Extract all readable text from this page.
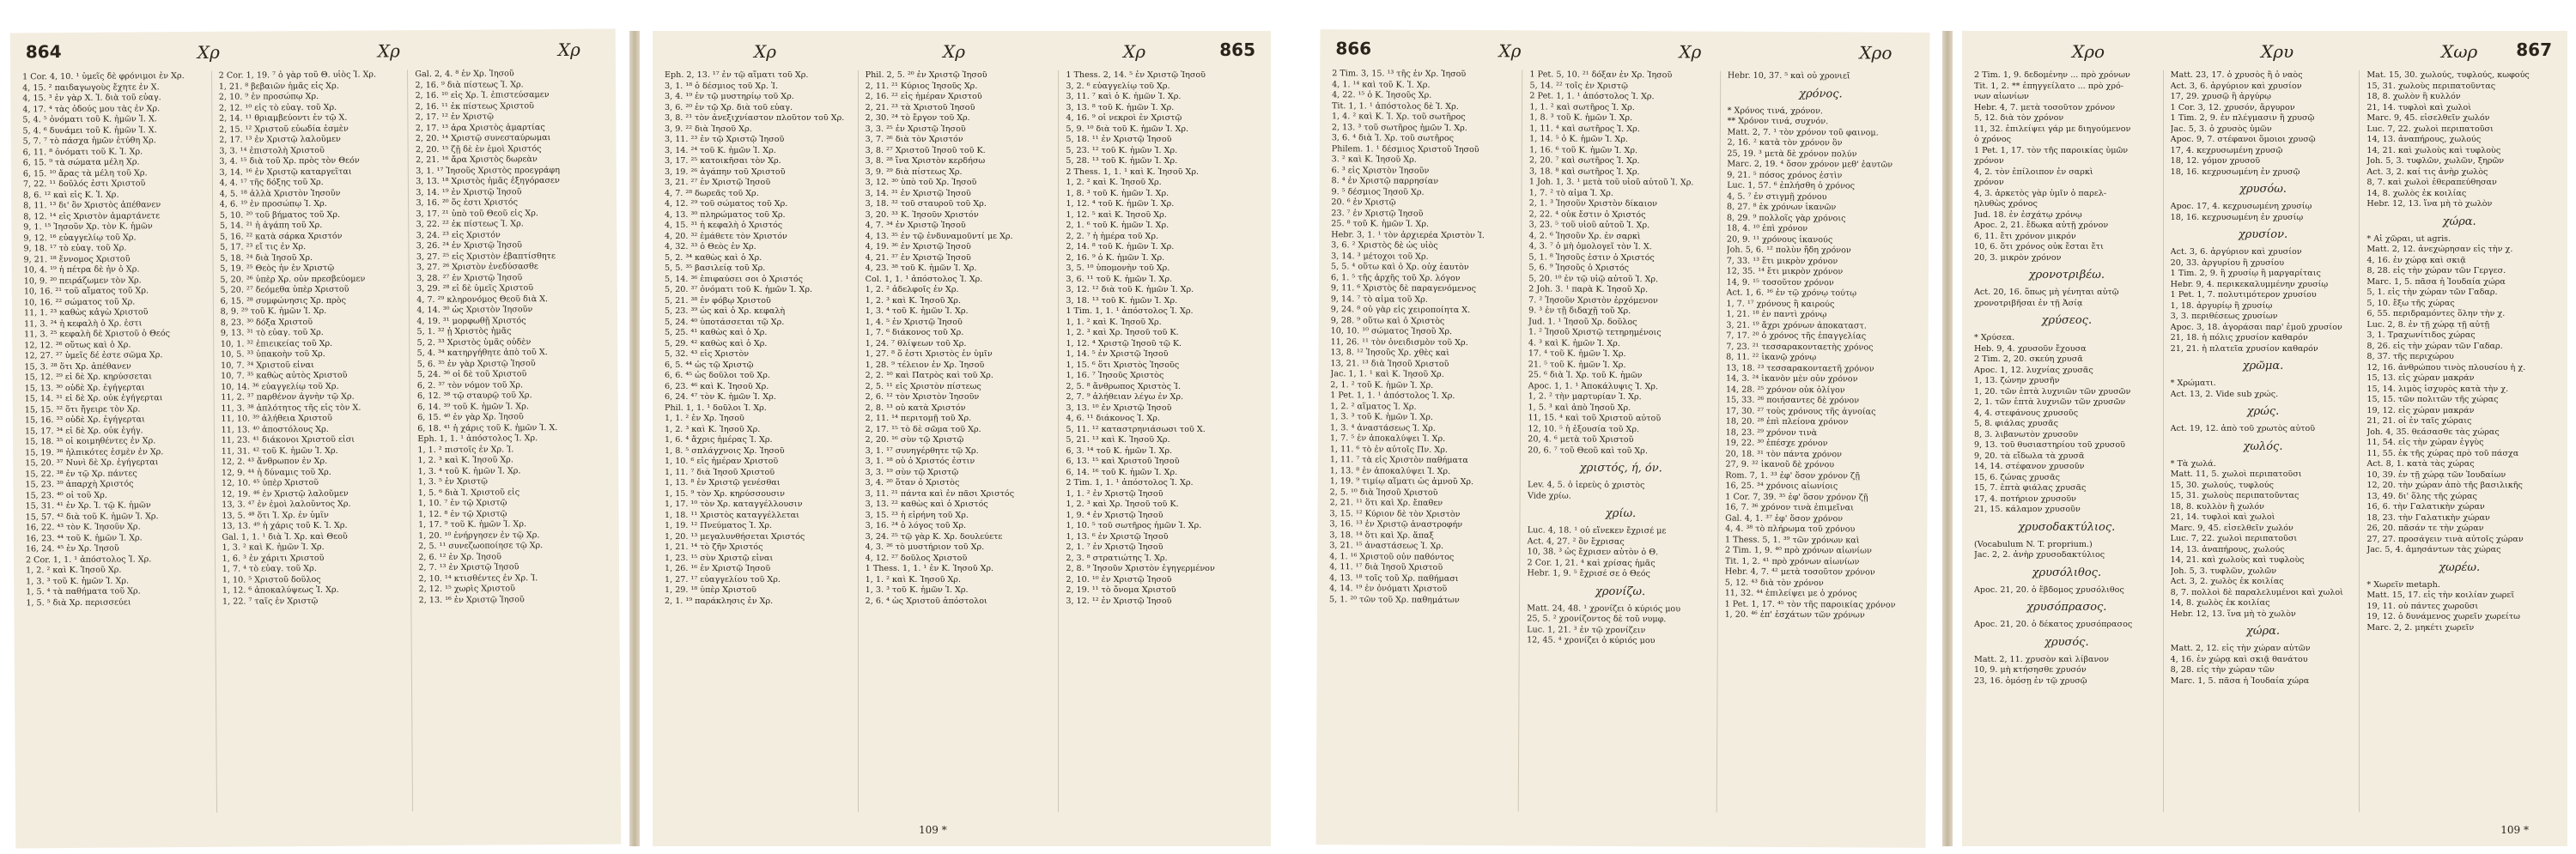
864	Χρ	Χρ	Χρ
1 Cor. 4, 10. ¹ ὑμεῖς δὲ φρόνιμοι ἐν Χρ.
4, 15. ² παιδαγωγοὺς ἔχητε ἐν Χ.
4, 15. ³ ἐν γὰρ Χ. Ἰ. διὰ τοῦ εὐαγ.
4, 17. ⁴ τὰς ὁδούς μου τὰς ἐν Χρ.
5, 4. ⁵ ὀνόματι τοῦ Κ. ἡμῶν Ἰ. Χ.
5, 4. ⁶ δυνάμει τοῦ Κ. ἡμῶν Ἰ. Χ.
5, 7. ⁷ τὸ πάσχα ἡμῶν ἐτύθη Χρ.
6, 11. ⁸ ὀνόματι τοῦ Κ. Ἰ. Χρ.
6, 15. ⁹ τὰ σώματα μέλη Χρ.
6, 15. ¹⁰ ἄρας τὰ μέλη τοῦ Χρ.
7, 22. ¹¹ δοῦλός ἐστι Χριστοῦ
8, 6. ¹² καὶ εἷς Κ. Ἰ. Χρ.
8, 11. ¹³ δι' ὃν Χριστὸς ἀπέθανεν
8, 12. ¹⁴ εἰς Χριστὸν ἁμαρτάνετε
9, 1. ¹⁵ Ἰησοῦν Χρ. τὸν Κ. ἡμῶν
9, 12. ¹⁶ εὐαγγελίῳ τοῦ Χρ.
9, 18. ¹⁷ τὸ εὐαγ. τοῦ Χρ.
9, 21. ¹⁸ ἔννομος Χριστοῦ
10, 4. ¹⁹ ἡ πέτρα δὲ ἦν ὁ Χρ.
10, 9. ²⁰ πειράζωμεν τὸν Χρ.
10, 16. ²¹ τοῦ αἵματος τοῦ Χρ.
10, 16. ²² σώματος τοῦ Χρ.
11, 1. ²³ καθὼς κἀγὼ Χριστοῦ
11, 3. ²⁴ ἡ κεφαλὴ ὁ Χρ. ἐστι
11, 3. ²⁵ κεφαλὴ δὲ Χριστοῦ ὁ Θεός
12, 12. ²⁶ οὕτως καὶ ὁ Χρ.
12, 27. ²⁷ ὑμεῖς δέ ἐστε σῶμα Χρ.
15, 3. ²⁸ ὅτι Χρ. ἀπέθανεν
15, 12. ²⁹ εἰ δὲ Χρ. κηρύσσεται
15, 13. ³⁰ οὐδὲ Χρ. ἐγήγερται
15, 14. ³¹ εἰ δὲ Χρ. οὐκ ἐγήγερται
15, 15. ³² ὅτι ἤγειρε τὸν Χρ.
15, 16. ³³ οὐδὲ Χρ. ἐγήγερται
15, 17. ³⁴ εἰ δὲ Χρ. οὐκ ἐγήγ.
15, 18. ³⁵ οἱ κοιμηθέντες ἐν Χρ.
15, 19. ³⁶ ἠλπικότες ἐσμὲν ἐν Χρ.
15, 20. ³⁷ Νυνὶ δὲ Χρ. ἐγήγερται
15, 22. ³⁸ ἐν τῷ Χρ. πάντες
15, 23. ³⁹ ἀπαρχὴ Χριστός
15, 23. ⁴⁰ οἱ τοῦ Χρ.
15, 31. ⁴¹ ἐν Χρ. Ἰ. τῷ Κ. ἡμῶν
15, 57. ⁴² διὰ τοῦ Κ. ἡμῶν Ἰ. Χρ.
16, 22. ⁴³ τὸν Κ. Ἰησοῦν Χρ.
16, 23. ⁴⁴ τοῦ Κ. ἡμῶν Ἰ. Χρ.
16, 24. ⁴⁵ ἐν Χρ. Ἰησοῦ
2 Cor. 1, 1. ¹ ἀπόστολος Ἰ. Χρ.
1, 2. ² καὶ Κ. Ἰησοῦ Χρ.
1, 3. ³ τοῦ Κ. ἡμῶν Ἰ. Χρ.
1, 5. ⁴ τὰ παθήματα τοῦ Χρ.
1, 5. ⁵ διὰ Χρ. περισσεύει
2 Cor. 1, 19. ⁷ ὁ γὰρ τοῦ Θ. υἱὸς Ἰ. Χρ.
1, 21. ⁸ βεβαιῶν ἡμᾶς εἰς Χρ.
2, 10. ⁹ ἐν προσώπῳ Χρ.
2, 12. ¹⁰ εἰς τὸ εὐαγ. τοῦ Χρ.
2, 14. ¹¹ θριαμβεύοντι ἐν τῷ Χ.
2, 15. ¹² Χριστοῦ εὐωδία ἐσμὲν
2, 17. ¹³ ἐν Χριστῷ λαλοῦμεν
3, 3. ¹⁴ ἐπιστολὴ Χριστοῦ
3, 4. ¹⁵ διὰ τοῦ Χρ. πρὸς τὸν Θεόν
3, 14. ¹⁶ ἐν Χριστῷ καταργεῖται
4, 4. ¹⁷ τῆς δόξης τοῦ Χρ.
4, 5. ¹⁸ ἀλλὰ Χριστὸν Ἰησοῦν
4, 6. ¹⁹ ἐν προσώπῳ Ἰ. Χρ.
5, 10. ²⁰ τοῦ βήματος τοῦ Χρ.
5, 14. ²¹ ἡ ἀγάπη τοῦ Χρ.
5, 16. ²² κατὰ σάρκα Χριστόν
5, 17. ²³ εἴ τις ἐν Χρ.
5, 18. ²⁴ διὰ Ἰησοῦ Χρ.
5, 19. ²⁵ Θεὸς ἦν ἐν Χριστῷ
5, 20. ²⁶ ὑπὲρ Χρ. οὖν πρεσβεύομεν
5, 20. ²⁷ δεόμεθα ὑπὲρ Χριστοῦ
6, 15. ²⁸ συμφώνησις Χρ. πρὸς
8, 9. ²⁹ τοῦ Κ. ἡμῶν Ἰ. Χρ.
8, 23. ³⁰ δόξα Χριστοῦ
9, 13. ³¹ τὸ εὐαγ. τοῦ Χρ.
10, 1. ³² ἐπιεικείας τοῦ Χρ.
10, 5. ³³ ὑπακοὴν τοῦ Χρ.
10, 7. ³⁴ Χριστοῦ εἶναι
10, 7. ³⁵ καθὼς αὐτὸς Χριστοῦ
10, 14. ³⁶ εὐαγγελίῳ τοῦ Χρ.
11, 2. ³⁷ παρθένον ἁγνὴν τῷ Χρ.
11, 3. ³⁸ ἁπλότητος τῆς εἰς τὸν Χ.
11, 10. ³⁹ ἀλήθεια Χριστοῦ
11, 13. ⁴⁰ ἀποστόλους Χρ.
11, 23. ⁴¹ διάκονοι Χριστοῦ εἰσι
11, 31. ⁴² τοῦ Κ. ἡμῶν Ἰ. Χρ.
12, 2. ⁴³ ἄνθρωπον ἐν Χρ.
12, 9. ⁴⁴ ἡ δύναμις τοῦ Χρ.
12, 10. ⁴⁵ ὑπὲρ Χριστοῦ
12, 19. ⁴⁶ ἐν Χριστῷ λαλοῦμεν
13, 3. ⁴⁷ ἐν ἐμοὶ λαλοῦντος Χρ.
13, 5. ⁴⁸ ὅτι Ἰ. Χρ. ἐν ὑμῖν
13, 13. ⁴⁹ ἡ χάρις τοῦ Κ. Ἰ. Χρ.
Gal. 1, 1. ¹ διὰ Ἰ. Χρ. καὶ Θεοῦ
1, 3. ² καὶ Κ. ἡμῶν Ἰ. Χρ.
1, 6. ³ ἐν χάριτι Χριστοῦ
1, 7. ⁴ τὸ εὐαγ. τοῦ Χρ.
1, 10. ⁵ Χριστοῦ δοῦλος
1, 12. ⁶ ἀποκαλύψεως Ἰ. Χρ.
1, 22. ⁷ ταῖς ἐν Χριστῷ
Gal. 2, 4. ⁸ ἐν Χρ. Ἰησοῦ
2, 16. ⁹ διὰ πίστεως Ἰ. Χρ.
2, 16. ¹⁰ εἰς Χρ. Ἰ. ἐπιστεύσαμεν
2, 16. ¹¹ ἐκ πίστεως Χριστοῦ
2, 17. ¹² ἐν Χριστῷ
2, 17. ¹³ ἆρα Χριστὸς ἁμαρτίας
2, 20. ¹⁴ Χριστῷ συνεσταύρωμαι
2, 20. ¹⁵ ζῇ δὲ ἐν ἐμοὶ Χριστός
2, 21. ¹⁶ ἄρα Χριστὸς δωρεὰν
3, 1. ¹⁷ Ἰησοῦς Χριστὸς προεγράφη
3, 13. ¹⁸ Χριστὸς ἡμᾶς ἐξηγόρασεν
3, 14. ¹⁹ ἐν Χριστῷ Ἰησοῦ
3, 16. ²⁰ ὅς ἐστι Χριστός
3, 17. ²¹ ὑπὸ τοῦ Θεοῦ εἰς Χρ.
3, 22. ²² ἐκ πίστεως Ἰ. Χρ.
3, 24. ²³ εἰς Χριστόν
3, 26. ²⁴ ἐν Χριστῷ Ἰησοῦ
3, 27. ²⁵ εἰς Χριστὸν ἐβαπτίσθητε
3, 27. ²⁶ Χριστὸν ἐνεδύσασθε
3, 28. ²⁷ ἐν Χριστῷ Ἰησοῦ
3, 29. ²⁸ εἰ δὲ ὑμεῖς Χριστοῦ
4, 7. ²⁹ κληρονόμος Θεοῦ διὰ Χ.
4, 14. ³⁰ ὡς Χριστὸν Ἰησοῦν
4, 19. ³¹ μορφωθῇ Χριστός
5, 1. ³² ᾗ Χριστὸς ἡμᾶς
5, 2. ³³ Χριστὸς ὑμᾶς οὐδὲν
5, 4. ³⁴ κατηργήθητε ἀπὸ τοῦ Χ.
5, 6. ³⁵ ἐν γὰρ Χριστῷ Ἰησοῦ
5, 24. ³⁶ οἱ δὲ τοῦ Χριστοῦ
6, 2. ³⁷ τὸν νόμον τοῦ Χρ.
6, 12. ³⁸ τῷ σταυρῷ τοῦ Χρ.
6, 14. ³⁹ τοῦ Κ. ἡμῶν Ἰ. Χρ.
6, 15. ⁴⁰ ἐν γὰρ Χρ. Ἰησοῦ
6, 18. ⁴¹ ἡ χάρις τοῦ Κ. ἡμῶν Ἰ. Χ.
Eph. 1, 1. ¹ ἀπόστολος Ἰ. Χρ.
1, 1. ² πιστοῖς ἐν Χρ. Ἰ.
1, 2. ³ καὶ Κ. Ἰησοῦ Χρ.
1, 3. ⁴ τοῦ Κ. ἡμῶν Ἰ. Χρ.
1, 3. ⁵ ἐν Χριστῷ
1, 5. ⁶ διὰ Ἰ. Χριστοῦ εἰς
1, 10. ⁷ ἐν τῷ Χριστῷ
1, 12. ⁸ ἐν τῷ Χριστῷ
1, 17. ⁹ τοῦ Κ. ἡμῶν Ἰ. Χρ.
1, 20. ¹⁰ ἐνήργησεν ἐν τῷ Χρ.
2, 5. ¹¹ συνεζωοποίησε τῷ Χρ.
2, 6. ¹² ἐν Χρ. Ἰησοῦ
2, 7. ¹³ ἐν Χριστῷ Ἰησοῦ
2, 10. ¹⁴ κτισθέντες ἐν Χρ. Ἰ.
2, 12. ¹⁵ χωρὶς Χριστοῦ
2, 13. ¹⁶ ἐν Χριστῷ Ἰησοῦ
Χρ	Χρ	Χρ	865
Eph. 2, 13. ¹⁷ ἐν τῷ αἵματι τοῦ Χρ.
3, 1. ¹⁸ ὁ δέσμιος τοῦ Χρ. Ἰ.
3, 4. ¹⁹ ἐν τῷ μυστηρίῳ τοῦ Χρ.
3, 6. ²⁰ ἐν τῷ Χρ. διὰ τοῦ εὐαγ.
3, 8. ²¹ τὸν ἀνεξιχνίαστον πλοῦτον τοῦ Χρ.
3, 9. ²² διὰ Ἰησοῦ Χρ.
3, 11. ²³ ἐν τῷ Χριστῷ Ἰησοῦ
3, 14. ²⁴ τοῦ Κ. ἡμῶν Ἰ. Χρ.
3, 17. ²⁵ κατοικῆσαι τὸν Χρ.
3, 19. ²⁶ ἀγάπην τοῦ Χριστοῦ
3, 21. ²⁷ ἐν Χριστῷ Ἰησοῦ
4, 7. ²⁸ δωρεᾶς τοῦ Χρ.
4, 12. ²⁹ τοῦ σώματος τοῦ Χρ.
4, 13. ³⁰ πληρώματος τοῦ Χρ.
4, 15. ³¹ ἡ κεφαλὴ ὁ Χριστός
4, 20. ³² ἐμάθετε τὸν Χριστόν
4, 32. ³³ ὁ Θεὸς ἐν Χρ.
5, 2. ³⁴ καθὼς καὶ ὁ Χρ.
5, 5. ³⁵ βασιλείᾳ τοῦ Χρ.
5, 14. ³⁶ ἐπιφαύσει σοι ὁ Χριστός
5, 20. ³⁷ ὀνόματι τοῦ Κ. ἡμῶν Ἰ. Χρ.
5, 21. ³⁸ ἐν φόβῳ Χριστοῦ
5, 23. ³⁹ ὡς καὶ ὁ Χρ. κεφαλὴ
5, 24. ⁴⁰ ὑποτάσσεται τῷ Χρ.
5, 25. ⁴¹ καθὼς καὶ ὁ Χρ.
5, 29. ⁴² καθὼς καὶ ὁ Χρ.
5, 32. ⁴³ εἰς Χριστὸν
6, 5. ⁴⁴ ὡς τῷ Χριστῷ
6, 6. ⁴⁵ ὡς δοῦλοι τοῦ Χρ.
6, 23. ⁴⁶ καὶ Κ. Ἰησοῦ Χρ.
6, 24. ⁴⁷ τὸν Κ. ἡμῶν Ἰ. Χρ.
Phil. 1, 1. ¹ δοῦλοι Ἰ. Χρ.
1, 1. ² ἐν Χρ. Ἰησοῦ
1, 2. ³ καὶ Κ. Ἰησοῦ Χρ.
1, 6. ⁴ ἄχρις ἡμέρας Ἰ. Χρ.
1, 8. ⁵ σπλάγχνοις Χρ. Ἰησοῦ
1, 10. ⁶ εἰς ἡμέραν Χριστοῦ
1, 11. ⁷ διὰ Ἰησοῦ Χριστοῦ
1, 13. ⁸ ἐν Χριστῷ γενέσθαι
1, 15. ⁹ τὸν Χρ. κηρύσσουσιν
1, 17. ¹⁰ τὸν Χρ. καταγγέλλουσιν
1, 18. ¹¹ Χριστὸς καταγγέλλεται
1, 19. ¹² Πνεύματος Ἰ. Χρ.
1, 20. ¹³ μεγαλυνθήσεται Χριστός
1, 21. ¹⁴ τὸ ζῆν Χριστός
1, 23. ¹⁵ σὺν Χριστῷ εἶναι
1, 26. ¹⁶ ἐν Χριστῷ Ἰησοῦ
1, 27. ¹⁷ εὐαγγελίου τοῦ Χρ.
1, 29. ¹⁸ ὑπὲρ Χριστοῦ
2, 1. ¹⁹ παράκλησις ἐν Χρ.
Phil. 2, 5. ²⁰ ἐν Χριστῷ Ἰησοῦ
2, 11. ²¹ Κύριος Ἰησοῦς Χρ.
2, 16. ²² εἰς ἡμέραν Χριστοῦ
2, 21. ²³ τὰ Χριστοῦ Ἰησοῦ
2, 30. ²⁴ τὸ ἔργον τοῦ Χρ.
3, 3. ²⁵ ἐν Χριστῷ Ἰησοῦ
3, 7. ²⁶ διὰ τὸν Χριστόν
3, 8. ²⁷ Χριστοῦ Ἰησοῦ τοῦ Κ.
3, 8. ²⁸ ἵνα Χριστὸν κερδήσω
3, 9. ²⁹ διὰ πίστεως Χρ.
3, 12. ³⁰ ὑπὸ τοῦ Χρ. Ἰησοῦ
3, 14. ³¹ ἐν Χριστῷ Ἰησοῦ
3, 18. ³² τοῦ σταυροῦ τοῦ Χρ.
3, 20. ³³ Κ. Ἰησοῦν Χριστόν
4, 7. ³⁴ ἐν Χριστῷ Ἰησοῦ
4, 13. ³⁵ ἐν τῷ ἐνδυναμοῦντί με Χρ.
4, 19. ³⁶ ἐν Χριστῷ Ἰησοῦ
4, 21. ³⁷ ἐν Χριστῷ Ἰησοῦ
4, 23. ³⁸ τοῦ Κ. ἡμῶν Ἰ. Χρ.
Col. 1, 1. ¹ ἀπόστολος Ἰ. Χρ.
1, 2. ² ἀδελφοῖς ἐν Χρ.
1, 2. ³ καὶ Κ. Ἰησοῦ Χρ.
1, 3. ⁴ τοῦ Κ. ἡμῶν Ἰ. Χρ.
1, 4. ⁵ ἐν Χριστῷ Ἰησοῦ
1, 7. ⁶ διάκονος τοῦ Χρ.
1, 24. ⁷ θλίψεων τοῦ Χρ.
1, 27. ⁸ ὅ ἐστι Χριστὸς ἐν ὑμῖν
1, 28. ⁹ τέλειον ἐν Χρ. Ἰησοῦ
2, 2. ¹⁰ καὶ Πατρὸς καὶ τοῦ Χρ.
2, 5. ¹¹ εἰς Χριστὸν πίστεως
2, 6. ¹² τὸν Χριστὸν Ἰησοῦν
2, 8. ¹³ οὐ κατὰ Χριστόν
2, 11. ¹⁴ περιτομῇ τοῦ Χρ.
2, 17. ¹⁵ τὸ δὲ σῶμα τοῦ Χρ.
2, 20. ¹⁶ σὺν τῷ Χριστῷ
3, 1. ¹⁷ συνηγέρθητε τῷ Χρ.
3, 1. ¹⁸ οὗ ὁ Χριστός ἐστιν
3, 3. ¹⁹ σὺν τῷ Χριστῷ
3, 4. ²⁰ ὅταν ὁ Χριστὸς
3, 11. ²¹ πάντα καὶ ἐν πᾶσι Χριστός
3, 13. ²² καθὼς καὶ ὁ Χριστός
3, 15. ²³ ἡ εἰρήνη τοῦ Χρ.
3, 16. ²⁴ ὁ λόγος τοῦ Χρ.
3, 24. ²⁵ τῷ γὰρ Κ. Χρ. δουλεύετε
4, 3. ²⁶ τὸ μυστήριον τοῦ Χρ.
4, 12. ²⁷ δοῦλος Χριστοῦ
1 Thess. 1, 1. ¹ ἐν Κ. Ἰησοῦ Χρ.
1, 1. ² καὶ Κ. Ἰησοῦ Χρ.
1, 3. ³ τοῦ Κ. ἡμῶν Ἰ. Χρ.
2, 6. ⁴ ὡς Χριστοῦ ἀπόστολοι
1 Thess. 2, 14. ⁵ ἐν Χριστῷ Ἰησοῦ
3, 2. ⁶ εὐαγγελίῳ τοῦ Χρ.
3, 11. ⁷ καὶ ὁ Κ. ἡμῶν Ἰ. Χρ.
3, 13. ⁸ τοῦ Κ. ἡμῶν Ἰ. Χρ.
4, 16. ⁹ οἱ νεκροὶ ἐν Χριστῷ
5, 9. ¹⁰ διὰ τοῦ Κ. ἡμῶν Ἰ. Χρ.
5, 18. ¹¹ ἐν Χριστῷ Ἰησοῦ
5, 23. ¹² τοῦ Κ. ἡμῶν Ἰ. Χρ.
5, 28. ¹³ τοῦ Κ. ἡμῶν Ἰ. Χρ.
2 Thess. 1, 1. ¹ καὶ Κ. Ἰησοῦ Χρ.
1, 2. ² καὶ Κ. Ἰησοῦ Χρ.
1, 8. ³ τοῦ Κ. ἡμῶν Ἰ. Χρ.
1, 12. ⁴ τοῦ Κ. ἡμῶν Ἰ. Χρ.
1, 12. ⁵ καὶ Κ. Ἰησοῦ Χρ.
2, 1. ⁶ τοῦ Κ. ἡμῶν Ἰ. Χρ.
2, 2. ⁷ ἡ ἡμέρα τοῦ Χρ.
2, 14. ⁸ τοῦ Κ. ἡμῶν Ἰ. Χρ.
2, 16. ⁹ ὁ Κ. ἡμῶν Ἰ. Χρ.
3, 5. ¹⁰ ὑπομονὴν τοῦ Χρ.
3, 6. ¹¹ τοῦ Κ. ἡμῶν Ἰ. Χρ.
3, 12. ¹² διὰ τοῦ Κ. ἡμῶν Ἰ. Χρ.
3, 18. ¹³ τοῦ Κ. ἡμῶν Ἰ. Χρ.
1 Tim. 1, 1. ¹ ἀπόστολος Ἰ. Χρ.
1, 1. ² καὶ Κ. Ἰησοῦ Χρ.
1, 2. ³ καὶ Χρ. Ἰησοῦ τοῦ Κ.
1, 12. ⁴ Χριστῷ Ἰησοῦ τῷ Κ.
1, 14. ⁵ ἐν Χριστῷ Ἰησοῦ
1, 15. ⁶ ὅτι Χριστὸς Ἰησοῦς
1, 16. ⁷ Ἰησοῦς Χριστὸς
2, 5. ⁸ ἄνθρωπος Χριστὸς Ἰ.
2, 7. ⁹ ἀλήθειαν λέγω ἐν Χρ.
3, 13. ¹⁰ ἐν Χριστῷ Ἰησοῦ
4, 6. ¹¹ διάκονος Ἰ. Χρ.
5, 11. ¹² καταστρηνιάσωσι τοῦ Χ.
5, 21. ¹³ καὶ Κ. Ἰησοῦ Χρ.
6, 3. ¹⁴ τοῦ Κ. ἡμῶν Ἰ. Χρ.
6, 13. ¹⁵ καὶ Χριστοῦ Ἰησοῦ
6, 14. ¹⁶ τοῦ Κ. ἡμῶν Ἰ. Χρ.
2 Tim. 1, 1. ¹ ἀπόστολος Ἰ. Χρ.
1, 1. ² ἐν Χριστῷ Ἰησοῦ
1, 2. ³ καὶ Χρ. Ἰησοῦ τοῦ Κ.
1, 9. ⁴ ἐν Χριστῷ Ἰησοῦ
1, 10. ⁵ τοῦ σωτῆρος ἡμῶν Ἰ. Χρ.
1, 13. ⁶ ἐν Χριστῷ Ἰησοῦ
2, 1. ⁷ ἐν Χριστῷ Ἰησοῦ
2, 3. ⁸ στρατιώτης Ἰ. Χρ.
2, 8. ⁹ Ἰησοῦν Χριστὸν ἐγηγερμένον
2, 10. ¹⁰ ἐν Χριστῷ Ἰησοῦ
2, 19. ¹¹ τὸ ὄνομα Χριστοῦ
3, 12. ¹² ἐν Χριστῷ Ἰησοῦ
109 *
866	Χρ	Χρ	Χρο
2 Tim. 3, 15. ¹³ τῆς ἐν Χρ. Ἰησοῦ
4, 1. ¹⁴ καὶ τοῦ Κ. Ἰ. Χρ.
4, 22. ¹⁵ ὁ Κ. Ἰησοῦς Χρ.
Tit. 1, 1. ¹ ἀπόστολος δὲ Ἰ. Χρ.
1, 4. ² καὶ Κ. Ἰ. Χρ. τοῦ σωτῆρος
2, 13. ³ τοῦ σωτῆρος ἡμῶν Ἰ. Χρ.
3, 6. ⁴ διὰ Ἰ. Χρ. τοῦ σωτῆρος
Philem. 1. ¹ δέσμιος Χριστοῦ Ἰησοῦ
3. ² καὶ Κ. Ἰησοῦ Χρ.
6. ³ εἰς Χριστὸν Ἰησοῦν
8. ⁴ ἐν Χριστῷ παρρησίαν
9. ⁵ δέσμιος Ἰησοῦ Χρ.
20. ⁶ ἐν Χριστῷ
23. ⁷ ἐν Χριστῷ Ἰησοῦ
25. ⁸ τοῦ Κ. ἡμῶν Ἰ. Χρ.
Hebr. 3, 1. ¹ τὸν ἀρχιερέα Χριστὸν Ἰ.
3, 6. ² Χριστὸς δὲ ὡς υἱὸς
3, 14. ³ μέτοχοι τοῦ Χρ.
5, 5. ⁴ οὕτω καὶ ὁ Χρ. οὐχ ἑαυτὸν
6, 1. ⁵ τῆς ἀρχῆς τοῦ Χρ. λόγον
9, 11. ⁶ Χριστὸς δὲ παραγενόμενος
9, 14. ⁷ τὸ αἷμα τοῦ Χρ.
9, 24. ⁸ οὐ γὰρ εἰς χειροποίητα Χ.
9, 28. ⁹ οὕτω καὶ ὁ Χριστὸς
10, 10. ¹⁰ σώματος Ἰησοῦ Χρ.
11, 26. ¹¹ τὸν ὀνειδισμὸν τοῦ Χρ.
13, 8. ¹² Ἰησοῦς Χρ. χθὲς καὶ
13, 21. ¹³ διὰ Ἰησοῦ Χριστοῦ
Jac. 1, 1. ¹ καὶ Κ. Ἰησοῦ Χρ.
2, 1. ² τοῦ Κ. ἡμῶν Ἰ. Χρ.
1 Pet. 1, 1. ¹ ἀπόστολος Ἰ. Χρ.
1, 2. ² αἵματος Ἰ. Χρ.
1, 3. ³ τοῦ Κ. ἡμῶν Ἰ. Χρ.
1, 3. ⁴ ἀναστάσεως Ἰ. Χρ.
1, 7. ⁵ ἐν ἀποκαλύψει Ἰ. Χρ.
1, 11. ⁶ τὸ ἐν αὐτοῖς Πν. Χρ.
1, 11. ⁷ τὰ εἰς Χριστὸν παθήματα
1, 13. ⁸ ἐν ἀποκαλύψει Ἰ. Χρ.
1, 19. ⁹ τιμίῳ αἵματι ὡς ἀμνοῦ Χρ.
2, 5. ¹⁰ διὰ Ἰησοῦ Χριστοῦ
2, 21. ¹¹ ὅτι καὶ Χρ. ἔπαθεν
3, 15. ¹² Κύριον δὲ τὸν Χριστὸν
3, 16. ¹³ ἐν Χριστῷ ἀναστροφήν
3, 18. ¹⁴ ὅτι καὶ Χρ. ἅπαξ
3, 21. ¹⁵ ἀναστάσεως Ἰ. Χρ.
4, 1. ¹⁶ Χριστοῦ οὖν παθόντος
4, 11. ¹⁷ διὰ Ἰησοῦ Χριστοῦ
4, 13. ¹⁸ τοῖς τοῦ Χρ. παθήμασι
4, 14. ¹⁹ ἐν ὀνόματι Χριστοῦ
5, 1. ²⁰ τῶν τοῦ Χρ. παθημάτων
1 Pet. 5, 10. ²¹ δόξαν ἐν Χρ. Ἰησοῦ
5, 14. ²² τοῖς ἐν Χριστῷ
2 Pet. 1, 1. ¹ ἀπόστολος Ἰ. Χρ.
1, 1. ² καὶ σωτῆρος Ἰ. Χρ.
1, 8. ³ τοῦ Κ. ἡμῶν Ἰ. Χρ.
1, 11. ⁴ καὶ σωτῆρος Ἰ. Χρ.
1, 14. ⁵ ὁ Κ. ἡμῶν Ἰ. Χρ.
1, 16. ⁶ τοῦ Κ. ἡμῶν Ἰ. Χρ.
2, 20. ⁷ καὶ σωτῆρος Ἰ. Χρ.
3, 18. ⁸ καὶ σωτῆρος Ἰ. Χρ.
1 Joh. 1, 3. ¹ μετὰ τοῦ υἱοῦ αὐτοῦ Ἰ. Χρ.
1, 7. ² τὸ αἷμα Ἰ. Χρ.
2, 1. ³ Ἰησοῦν Χριστὸν δίκαιον
2, 22. ⁴ οὐκ ἔστιν ὁ Χριστός
3, 23. ⁵ τοῦ υἱοῦ αὐτοῦ Ἰ. Χρ.
4, 2. ⁶ Ἰησοῦν Χρ. ἐν σαρκὶ
4, 3. ⁷ ὁ μὴ ὁμολογεῖ τὸν Ἰ. Χ.
5, 1. ⁸ Ἰησοῦς ἐστιν ὁ Χριστός
5, 6. ⁹ Ἰησοῦς ὁ Χριστός
5, 20. ¹⁰ ἐν τῷ υἱῷ αὐτοῦ Ἰ. Χρ.
2 Joh. 3. ¹ παρὰ Κ. Ἰησοῦ Χρ.
7. ² Ἰησοῦν Χριστὸν ἐρχόμενον
9. ³ ἐν τῇ διδαχῇ τοῦ Χρ.
Jud. 1. ¹ Ἰησοῦ Χρ. δοῦλος
1. ² Ἰησοῦ Χριστῷ τετηρημένοις
4. ³ καὶ Κ. ἡμῶν Ἰ. Χρ.
17. ⁴ τοῦ Κ. ἡμῶν Ἰ. Χρ.
21. ⁵ τοῦ Κ. ἡμῶν Ἰ. Χρ.
25. ⁶ διὰ Ἰ. Χρ. τοῦ Κ. ἡμῶν
Apoc. 1, 1. ¹ Ἀποκάλυψις Ἰ. Χρ.
1, 2. ² τὴν μαρτυρίαν Ἰ. Χρ.
1, 5. ³ καὶ ἀπὸ Ἰησοῦ Χρ.
11, 15. ⁴ καὶ τοῦ Χριστοῦ αὐτοῦ
12, 10. ⁵ ἡ ἐξουσία τοῦ Χρ.
20, 4. ⁶ μετὰ τοῦ Χριστοῦ
20, 6. ⁷ τοῦ Θεοῦ καὶ τοῦ Χρ.
χριστός, ή, όν.
Lev. 4, 5. ὁ ἱερεὺς ὁ χριστὸς
Vide χρίω.
χρίω.
Luc. 4, 18. ¹ οὗ εἵνεκεν ἔχρισέ με
Act. 4, 27. ² ὃν ἔχρισας
10, 38. ³ ὡς ἔχρισεν αὐτὸν ὁ Θ.
2 Cor. 1, 21. ⁴ καὶ χρίσας ἡμᾶς
Hebr. 1, 9. ⁵ ἔχρισέ σε ὁ Θεός
χρονίζω.
Matt. 24, 48. ¹ χρονίζει ὁ κύριός μου
25, 5. ² χρονίζοντος δὲ τοῦ νυμφ.
Luc. 1, 21. ³ ἐν τῷ χρονίζειν
12, 45. ⁴ χρονίζει ὁ κύριός μου
Hebr. 10, 37. ⁵ καὶ οὐ χρονιεῖ
χρόνος.
* Χρόνος τινά, χρόνον.
** Χρόνον τινά, συχνόν.
Matt. 2, 7. ¹ τὸν χρόνον τοῦ φαινομ.
2, 16. ² κατὰ τὸν χρόνον ὃν
25, 19. ³ μετὰ δὲ χρόνον πολύν
Marc. 2, 19. ⁴ ὅσον χρόνον μεθ' ἑαυτῶν
9, 21. ⁵ πόσος χρόνος ἐστὶν
Luc. 1, 57. ⁶ ἐπλήσθη ὁ χρόνος
4, 5. ⁷ ἐν στιγμῇ χρόνου
8, 27. ⁸ ἐκ χρόνων ἱκανῶν
8, 29. ⁹ πολλοῖς γὰρ χρόνοις
18, 4. ¹⁰ ἐπὶ χρόνον
20, 9. ¹¹ χρόνους ἱκανούς
Joh. 5, 6. ¹² πολὺν ἤδη χρόνον
7, 33. ¹³ ἔτι μικρὸν χρόνον
12, 35. ¹⁴ ἔτι μικρὸν χρόνον
14, 9. ¹⁵ τοσοῦτον χρόνον
Act. 1, 6. ¹⁶ ἐν τῷ χρόνῳ τούτῳ
1, 7. ¹⁷ χρόνους ἢ καιρούς
1, 21. ¹⁸ ἐν παντὶ χρόνῳ
3, 21. ¹⁹ ἄχρι χρόνων ἀποκαταστ.
7, 17. ²⁰ ὁ χρόνος τῆς ἐπαγγελίας
7, 23. ²¹ τεσσαρακονταετὴς χρόνος
8, 11. ²² ἱκανῷ χρόνῳ
13, 18. ²³ τεσσαρακονταετῆ χρόνον
14, 3. ²⁴ ἱκανὸν μὲν οὖν χρόνον
14, 28. ²⁵ χρόνον οὐκ ὀλίγον
15, 33. ²⁶ ποιήσαντες δὲ χρόνον
17, 30. ²⁷ τοὺς χρόνους τῆς ἀγνοίας
18, 20. ²⁸ ἐπὶ πλείονα χρόνον
18, 23. ²⁹ χρόνον τινὰ
19, 22. ³⁰ ἐπέσχε χρόνον
20, 18. ³¹ τὸν πάντα χρόνον
27, 9. ³² ἱκανοῦ δὲ χρόνου
Rom. 7, 1. ³³ ἐφ' ὅσον χρόνον ζῇ
16, 25. ³⁴ χρόνοις αἰωνίοις
1 Cor. 7, 39. ³⁵ ἐφ' ὅσον χρόνον ζῇ
16, 7. ³⁶ χρόνον τινὰ ἐπιμεῖναι
Gal. 4, 1. ³⁷ ἐφ' ὅσον χρόνον
4, 4. ³⁸ τὸ πλήρωμα τοῦ χρόνου
1 Thess. 5, 1. ³⁹ τῶν χρόνων καὶ
2 Tim. 1, 9. ⁴⁰ πρὸ χρόνων αἰωνίων
Tit. 1, 2. ⁴¹ πρὸ χρόνων αἰωνίων
Hebr. 4, 7. ⁴² μετὰ τοσοῦτον χρόνον
5, 12. ⁴³ διὰ τὸν χρόνον
11, 32. ⁴⁴ ἐπιλείψει με ὁ χρόνος
1 Pet. 1, 17. ⁴⁵ τὸν τῆς παροικίας χρόνον
1, 20. ⁴⁶ ἐπ' ἐσχάτων τῶν χρόνων
Χρο	Χρυ	Χωρ 867
2 Tim. 1, 9. δεδομένην ... πρὸ χρόνων
Tit. 1, 2. ** ἐπηγγείλατο ... πρὸ χρό-
νων αἰωνίων
Hebr. 4, 7. μετὰ τοσοῦτον χρόνον
5, 12. διὰ τὸν χρόνον
11, 32. ἐπιλείψει γάρ με διηγούμενον
ὁ χρόνος
1 Pet. 1, 17. τὸν τῆς παροικίας ὑμῶν
χρόνον
4, 2. τὸν ἐπίλοιπον ἐν σαρκὶ
χρόνον
4, 3. ἀρκετὸς γὰρ ὑμῖν ὁ παρελ-
ηλυθὼς χρόνος
Jud. 18. ἐν ἐσχάτῳ χρόνῳ
Apoc. 2, 21. ἔδωκα αὐτῇ χρόνον
6, 11. ἔτι χρόνον μικρόν
10, 6. ὅτι χρόνος οὐκ ἔσται ἔτι
20, 3. μικρὸν χρόνον
χρονοτριβέω.
Act. 20, 16. ὅπως μὴ γένηται αὐτῷ
χρονοτριβῆσαι ἐν τῇ Ἀσίᾳ
χρύσεος.
* Χρύσεα.
Heb. 9, 4. χρυσοῦν ἔχουσα
2 Tim. 2, 20. σκεύη χρυσᾶ
Apoc. 1, 12. λυχνίας χρυσᾶς
1, 13. ζώνην χρυσῆν
1, 20. τῶν ἑπτὰ λυχνιῶν τῶν χρυσῶν
2, 1. τῶν ἑπτὰ λυχνιῶν τῶν χρυσῶν
4, 4. στεφάνους χρυσοῦς
5, 8. φιάλας χρυσᾶς
8, 3. λιβανωτὸν χρυσοῦν
9, 13. τοῦ θυσιαστηρίου τοῦ χρυσοῦ
9, 20. τὰ εἴδωλα τὰ χρυσᾶ
14, 14. στέφανον χρυσοῦν
15, 6. ζώνας χρυσᾶς
15, 7. ἑπτὰ φιάλας χρυσᾶς
17, 4. ποτήριον χρυσοῦν
21, 15. κάλαμον χρυσοῦν
χρυσοδακτύλιος.
(Vocabulum N. T. proprium.)
Jac. 2, 2. ἀνὴρ χρυσοδακτύλιος
χρυσόλιθος.
Apoc. 21, 20. ὁ ἕβδομος χρυσόλιθος
χρυσόπρασος.
Apoc. 21, 20. ὁ δέκατος χρυσόπρασος
χρυσός.
Matt. 2, 11. χρυσὸν καὶ λίβανον
10, 9. μὴ κτήσησθε χρυσόν
23, 16. ὀμόσῃ ἐν τῷ χρυσῷ
Matt. 23, 17. ὁ χρυσὸς ἢ ὁ ναὸς
Act. 3, 6. ἀργύριον καὶ χρυσίον
17, 29. χρυσῷ ἢ ἀργύρῳ
1 Cor. 3, 12. χρυσόν, ἄργυρον
1 Tim. 2, 9. ἐν πλέγμασιν ἢ χρυσῷ
Jac. 5, 3. ὁ χρυσὸς ὑμῶν
Apoc. 9, 7. στέφανοι ὅμοιοι χρυσῷ
17, 4. κεχρυσωμένη χρυσῷ
18, 12. γόμον χρυσοῦ
18, 16. κεχρυσωμένη ἐν χρυσῷ
χρυσόω.
Apoc. 17, 4. κεχρυσωμένη χρυσίῳ
18, 16. κεχρυσωμένη ἐν χρυσίῳ
χρυσίον.
Act. 3, 6. ἀργύριον καὶ χρυσίον
20, 33. ἀργυρίου ἢ χρυσίου
1 Tim. 2, 9. ἢ χρυσίῳ ἢ μαργαρίταις
Hebr. 9, 4. περικεκαλυμμένην χρυσίῳ
1 Pet. 1, 7. πολυτιμότερον χρυσίου
1, 18. ἀργυρίῳ ἢ χρυσίῳ
3, 3. περιθέσεως χρυσίων
Apoc. 3, 18. ἀγοράσαι παρ' ἐμοῦ χρυσίον
21, 18. ἡ πόλις χρυσίον καθαρόν
21, 21. ἡ πλατεῖα χρυσίον καθαρόν
χρῶμα.
* Χρώματι.
Act. 13, 2. Vide sub χρώς.
χρώς.
Act. 19, 12. ἀπὸ τοῦ χρωτὸς αὐτοῦ
χωλός.
* Τὰ χωλά.
Matt. 11, 5. χωλοὶ περιπατοῦσι
15, 30. χωλούς, τυφλούς
15, 31. χωλοὺς περιπατοῦντας
18, 8. κυλλὸν ἢ χωλόν
21, 14. τυφλοὶ καὶ χωλοὶ
Marc. 9, 45. εἰσελθεῖν χωλόν
Luc. 7, 22. χωλοὶ περιπατοῦσι
14, 13. ἀναπήρους, χωλούς
14, 21. καὶ χωλοὺς καὶ τυφλοὺς
Joh. 5, 3. τυφλῶν, χωλῶν
Act. 3, 2. χωλὸς ἐκ κοιλίας
8, 7. πολλοὶ δὲ παραλελυμένοι καὶ χωλοὶ
14, 8. χωλὸς ἐκ κοιλίας
Hebr. 12, 13. ἵνα μὴ τὸ χωλὸν
χώρα.
Matt. 2, 12. εἰς τὴν χώραν αὐτῶν
4, 16. ἐν χώρᾳ καὶ σκιᾷ θανάτου
8, 28. εἰς τὴν χώραν τῶν
Marc. 1, 5. πᾶσα ἡ Ἰουδαία χώρα
Mat. 15, 30. χωλούς, τυφλούς, κωφούς
15, 31. χωλοὺς περιπατοῦντας
18, 8. χωλὸν ἢ κυλλόν
21, 14. τυφλοὶ καὶ χωλοὶ
Marc. 9, 45. εἰσελθεῖν χωλόν
Luc. 7, 22. χωλοὶ περιπατοῦσι
14, 13. ἀναπήρους, χωλούς
14, 21. καὶ χωλοὺς καὶ τυφλοὺς
Joh. 5, 3. τυφλῶν, χωλῶν, ξηρῶν
Act. 3, 2. καί τις ἀνὴρ χωλὸς
8, 7. καὶ χωλοὶ ἐθεραπεύθησαν
14, 8. χωλὸς ἐκ κοιλίας
Hebr. 12, 13. ἵνα μὴ τὸ χωλὸν
χώρα.
* Αἱ χῶραι, ut agris.
Matt. 2, 12. ἀνεχώρησαν εἰς τὴν χ.
4, 16. ἐν χώρᾳ καὶ σκιᾷ
8, 28. εἰς τὴν χώραν τῶν Γεργεσ.
Marc. 1, 5. πᾶσα ἡ Ἰουδαία χώρα
5, 1. εἰς τὴν χώραν τῶν Γαδαρ.
5, 10. ἔξω τῆς χώρας
6, 55. περιδραμόντες ὅλην τὴν χ.
Luc. 2, 8. ἐν τῇ χώρᾳ τῇ αὐτῇ
3, 1. Τραχωνίτιδος χώρας
8, 26. εἰς τὴν χώραν τῶν Γαδαρ.
8, 37. τῆς περιχώρου
12, 16. ἀνθρώπου τινὸς πλουσίου ἡ χ.
15, 13. εἰς χώραν μακράν
15, 14. λιμὸς ἰσχυρὸς κατὰ τὴν χ.
15, 15. τῶν πολιτῶν τῆς χώρας
19, 12. εἰς χώραν μακράν
21, 21. οἱ ἐν ταῖς χώραις
Joh. 4, 35. θεάσασθε τὰς χώρας
11, 54. εἰς τὴν χώραν ἐγγὺς
11, 55. ἐκ τῆς χώρας πρὸ τοῦ πάσχα
Act. 8, 1. κατὰ τὰς χώρας
10, 39. ἐν τῇ χώρᾳ τῶν Ἰουδαίων
12, 20. τὴν χώραν ἀπὸ τῆς βασιλικῆς
13, 49. δι' ὅλης τῆς χώρας
16, 6. τὴν Γαλατικὴν χώραν
18, 23. τὴν Γαλατικὴν χώραν
26, 20. πᾶσάν τε τὴν χώραν
27, 27. προσάγειν τινὰ αὐτοῖς χώραν
Jac. 5, 4. ἀμησάντων τὰς χώρας
χωρέω.
* Χωρεῖν metaph.
Matt. 15, 17. εἰς τὴν κοιλίαν χωρεῖ
19, 11. οὐ πάντες χωροῦσι
19, 12. ὁ δυνάμενος χωρεῖν χωρείτω
Marc. 2, 2. μηκέτι χωρεῖν
109 *
